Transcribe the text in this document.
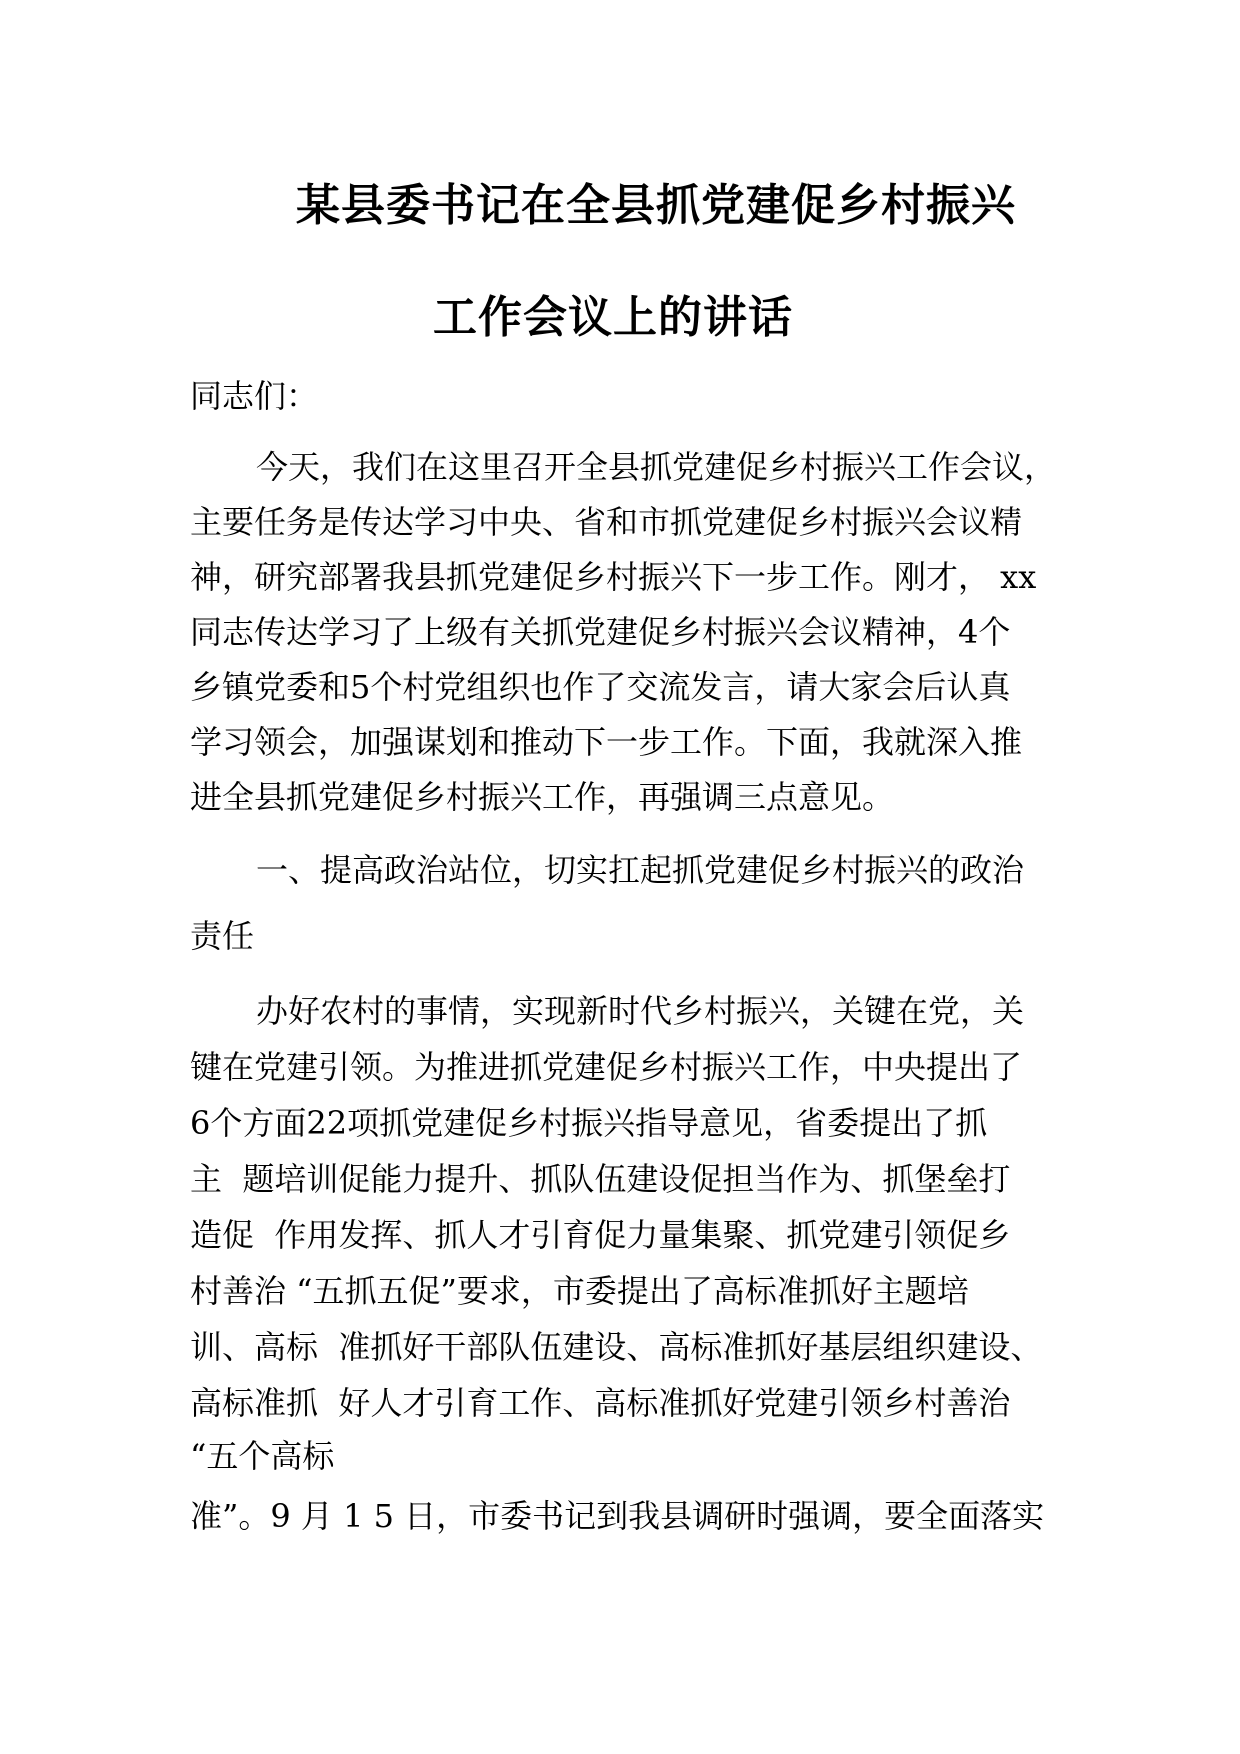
某县委书记在全县抓党建促乡村振兴
工作会议上的讲话

同志们：

今天，我们在这里召开全县抓党建促乡村振兴工作会议，

主要任务是传达学习中央、省和市抓党建促乡村振兴会议精

神，研究部署我县抓党建促乡村振兴下一步工作。刚才， xx

同志传达学习了上级有关抓党建促乡村振兴会议精神，4个

乡镇党委和5个村党组织也作了交流发言，请大家会后认真

学习领会，加强谋划和推动下一步工作。下面，我就深入推

进全县抓党建促乡村振兴工作，再强调三点意见。

一、提高政治站位，切实扛起抓党建促乡村振兴的政治

责任

办好农村的事情，实现新时代乡村振兴，关键在党，关

键在党建引领。为推进抓党建促乡村振兴工作，中央提出了

6个方面22项抓党建促乡村振兴指导意见，省委提出了抓

主  题培训促能力提升、抓队伍建设促担当作为、抓堡垒打

造促  作用发挥、抓人才引育促力量集聚、抓党建引领促乡

村善治 “五抓五促”要求，市委提出了高标准抓好主题培

训、高标  准抓好干部队伍建设、高标准抓好基层组织建设、

高标准抓  好人才引育工作、高标准抓好党建引领乡村善治

“五个高标

准”。9 月 1 5 日，市委书记到我县调研时强调，要全面落实
